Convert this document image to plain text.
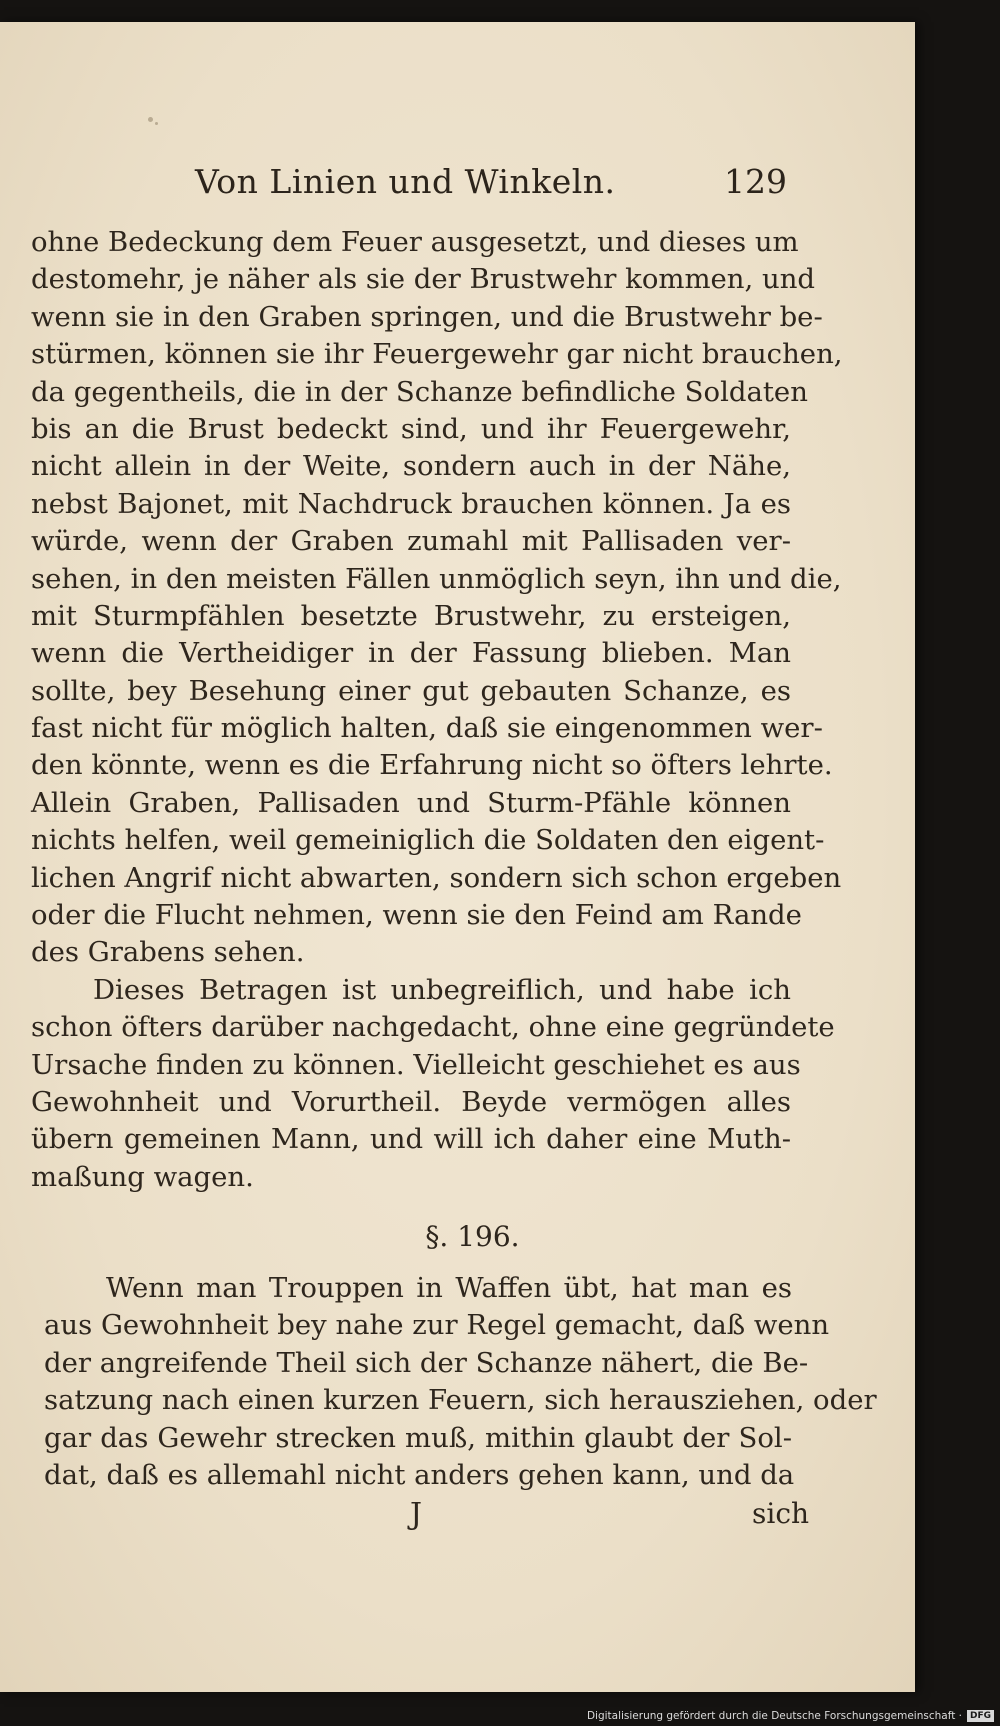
Von Linien und Winkeln.	129
ohne Bedeckung dem Feuer ausgesetzt, und dieses um
destomehr, je näher als sie der Brustwehr kommen, und
wenn sie in den Graben springen, und die Brustwehr be-
stürmen, können sie ihr Feuergewehr gar nicht brauchen,
da gegentheils, die in der Schanze befindliche Soldaten
bis an die Brust bedeckt sind, und ihr Feuergewehr,
nicht allein in der Weite, sondern auch in der Nähe,
nebst Bajonet, mit Nachdruck brauchen können. Ja es
würde, wenn der Graben zumahl mit Pallisaden ver-
sehen, in den meisten Fällen unmöglich seyn, ihn und die,
mit Sturmpfählen besetzte Brustwehr, zu ersteigen,
wenn die Vertheidiger in der Fassung blieben. Man
sollte, bey Besehung einer gut gebauten Schanze, es
fast nicht für möglich halten, daß sie eingenommen wer-
den könnte, wenn es die Erfahrung nicht so öfters lehrte.
Allein Graben, Pallisaden und Sturm-Pfähle können
nichts helfen, weil gemeiniglich die Soldaten den eigent-
lichen Angrif nicht abwarten, sondern sich schon ergeben
oder die Flucht nehmen, wenn sie den Feind am Rande
des Grabens sehen.
Dieses Betragen ist unbegreiflich, und habe ich
schon öfters darüber nachgedacht, ohne eine gegründete
Ursache finden zu können. Vielleicht geschiehet es aus
Gewohnheit und Vorurtheil. Beyde vermögen alles
übern gemeinen Mann, und will ich daher eine Muth-
maßung wagen.
§. 196.
Wenn man Trouppen in Waffen übt, hat man es
aus Gewohnheit bey nahe zur Regel gemacht, daß wenn
der angreifende Theil sich der Schanze nähert, die Be-
satzung nach einen kurzen Feuern, sich herausziehen, oder
gar das Gewehr strecken muß, mithin glaubt der Sol-
dat, daß es allemahl nicht anders gehen kann, und da
J	sich
Digitalisierung gefördert durch die Deutsche Forschungsgemeinschaft · DFG
